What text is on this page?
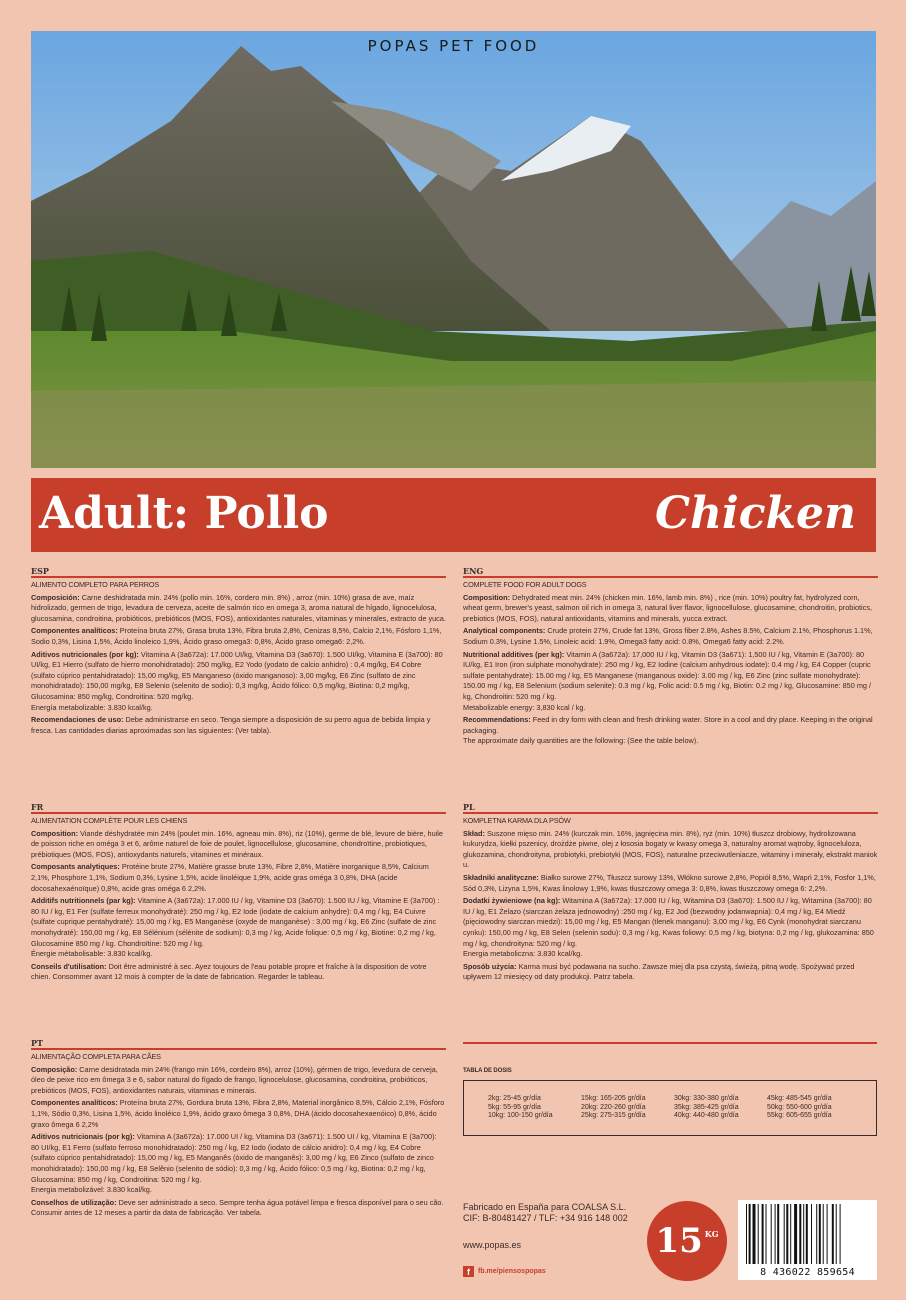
POPAS PET FOOD
Adult: Pollo	Chicken
ESP
ALIMENTO COMPLETO PARA PERROS

Composición: Carne deshidratada min. 24% (pollo min. 16%, cordero min. 8%) , arroz (min. 10%) grasa de ave, maíz hidrolizado, germen de trigo, levadura de cerveza, aceite de salmón rico en omega 3, aroma natural de hígado, lignocelulosa, glucosamina, condroitina, probióticos, prebióticos (MOS, FOS), antioxidantes naturales, vitaminas y minerales, extracto de yuca.

Componentes analíticos: Proteína bruta 27%, Grasa bruta 13%, Fibra bruta 2,8%, Cenizas 8,5%, Calcio 2,1%, Fósforo 1,1%, Sodio 0,3%, Lisina 1,5%, Ácido linoleico 1,9%, Ácido graso omega3: 0,8%, Ácido graso omega6: 2,2%.

Aditivos nutricionales (por kg): Vitamina A (3a672a): 17.000 UI/kg, Vitamina D3 (3a670): 1.500 UI/kg, Vitamina E (3a700): 80 UI/kg, E1 Hierro (sulfato de hierro monohidratado): 250 mg/kg, E2 Yodo (yodato de calcio anhidro) : 0,4 mg/kg, E4 Cobre (sulfato cúprico pentahidratado): 15,00 mg/kg, E5 Manganeso (óxido manganoso): 3,00 mg/kg, E6 Zinc (sulfato de zinc monohidratado): 150,00 mg/kg, E8 Selenio (selenito de sodio): 0,3 mg/kg, Ácido fólico: 0,5 mg/kg, Biotina: 0,2 mg/kg, Glucosamina: 850 mg/kg, Condroitina: 520 mg/kg.
Energía metabolizable: 3.830 kcal/kg.

Recomendaciones de uso: Debe administrarse en seco. Tenga siempre a disposición de su perro agua de bebida limpia y fresca. Las cantidades diarias aproximadas son las siguientes: (Ver tabla).

ENG
COMPLETE FOOD FOR ADULT DOGS

Composition: Dehydrated meat min. 24% (chicken min. 16%, lamb min. 8%) , rice (min. 10%) poultry fat, hydrolyzed corn, wheat germ, brewer's yeast, salmon oil rich in omega 3, natural liver flavor, lignocellulose, glucosamine, chondroitin, probiotics, prebiotics (MOS, FOS), natural antioxidants, vitamins and minerals, yucca extract.

Analytical components: Crude protein 27%, Crude fat 13%, Gross fiber 2.8%, Ashes 8.5%, Calcium 2.1%, Phosphorus 1.1%, Sodium 0.3%, Lysine 1.5%, Linoleic acid: 1.9%, Omega3 fatty acid: 0.8%, Omega6 fatty acid: 2.2%.

Nutritional additives (per kg): Vitamin A (3a672a): 17,000 IU / kg, Vitamin D3 (3a671): 1,500 IU / kg, Vitamin E (3a700): 80 IU/kg, E1 Iron (iron sulphate monohydrate): 250 mg / kg, E2 Iodine (calcium anhydrous iodate): 0.4 mg / kg, E4 Copper (cupric sulfate pentahydrate): 15.00 mg / kg, E5 Manganese (manganous oxide): 3.00 mg / kg, E6 Zinc (zinc sulfate monohydrate): 150.00 mg / kg, E8 Selenium (sodium selenite): 0.3 mg / kg, Folic acid: 0.5 mg / kg, Biotin: 0.2 mg / kg, Glucosamine: 850 mg / kg, Chondroitin: 520 mg / kg.
Metabolizable energy: 3,830 kcal / kg.

Recommendations: Feed in dry form with clean and fresh drinking water. Store in a cool and dry place. Keeping in the original packaging.
The approximate daily quantities are the following: (See the table below).

FR
ALIMENTATION COMPLÈTE POUR LES CHIENS

Composition: Viande déshydratée min 24% (poulet min. 16%, agneau min. 8%), riz (10%), germe de blé, levure de bière, huile de poisson riche en oméga 3 et 6, arôme naturel de foie de poulet, lignocellulose, glucosamine, chondroïtine, probiotiques, prébiotiques (MOS, FOS), antioxydants naturels, vitamines et minéraux.

Composants analytiques: Protéine brute 27%, Matière grasse brute 13%, Fibre 2,8%, Matière inorganique 8,5%, Calcium 2,1%, Phosphore 1,1%, Sodium 0,3%, Lysine 1,5%, acide linoléique 1,9%, acide gras oméga 3 0,8%, DHA (acide docosahexaénoïque) 0,8%, acide gras oméga 6 2,2%.

Additifs nutritionnels (par kg): Vitamine A (3a672a): 17.000 IU / kg, Vitamine D3 (3a670): 1.500 IU / kg, Vitamine E (3a700) : 80 IU / kg, E1 Fer (sulfate ferreux monohydraté): 250 mg / kg, E2 Iode (iodate de calcium anhydre): 0,4 mg / kg, E4 Cuivre (sulfate cuprique pentahydraté): 15,00 mg / kg, E5 Manganèse (oxyde de manganèse) : 3,00 mg / kg, E6 Zinc (sulfate de zinc monohydraté): 150,00 mg / kg, E8 Sélénium (sélénite de sodium): 0,3 mg / kg, Acide folique: 0,5 mg / kg, Biotine: 0,2 mg / kg, Glucosamine 850 mg / kg. Chondroïtine: 520 mg / kg.
Énergie métabolisable: 3.830 kcal/kg.

Conseils d'utilisation: Doit être administré à sec. Ayez toujours de l'eau potable propre et fraîche à la disposition de votre chien. Consommer avant 12 mois à compter de la date de fabrication. Regarder le tableau.

PL
KOMPLETNA KARMA DLA PSÓW

Skład: Suszone mięso min. 24% (kurczak min. 16%, jagnięcina min. 8%), ryż (min. 10%) tłuszcz drobiowy, hydrolizowana kukurydza, kiełki pszenicy, drożdże piwne, olej z łososia bogaty w kwasy omega 3, naturalny aromat wątroby, lignoceluloza, glukozamina, chondroityna, probiotyki, prebiotyki (MOS, FOS), naturalne przeciwutleniacze, witaminy i minerały, ekstrakt maniok u.

Składniki analityczne: Białko surowe 27%, Tłuszcz surowy 13%, Włókno surowe 2,8%, Popiół 8,5%, Wapń 2,1%, Fosfor 1,1%, Sód 0,3%, Lizyna 1,5%, Kwas linolowy 1,9%, kwas tłuszczowy omega 3: 0,8%, kwas tłuszczowy omega 6: 2,2%.

Dodatki żywieniowe (na kg): Witamina A (3a672a): 17.000 IU / kg, Witamina D3 (3a670): 1.500 IU / kg, Witamina (3a700): 80 IU / kg, E1 Żelazo (siarczan żelaza jednowodny) :250 mg / kg, E2 Jod (bezwodny jodanwapnia): 0,4 mg / kg, E4 Miedź (pięciowodny siarczan miedzi): 15,00 mg / kg, E5 Mangan (tlenek manganu): 3,00 mg / kg, E6 Cynk (monohydrat siarczanu cynku): 150,00 mg / kg, E8 Selen (selenin sodu): 0,3 mg / kg, Kwas foliowy: 0,5 mg / kg, biotyna: 0,2 mg / kg, glukozamina: 850 mg / kg, chondroityna: 520 mg / kg.
Energia metaboliczna: 3.830 kcal/kg.

Sposób użycia: Karma musi być podawana na sucho. Zawsze miej dla psa czystą, świeżą, pitną wodę. Spożywać przed upływem 12 miesięcy od daty produkcji. Patrz tabela.

PT
ALIMENTAÇÃO COMPLETA PARA CÃES

Composição: Carne desidratada min 24% (frango min 16%, cordeiro 8%), arroz (10%), gérmen de trigo, levedura de cerveja, óleo de peixe rico em ômega 3 e 6, sabor natural do fígado de frango, lignocelulose, glucosamina, condroitina, probióticos, prebióticos (MOS, FOS), antioxidantes naturais, vitaminas e minerais.

Componentes analíticos: Proteína bruta 27%, Gordura bruta 13%, Fibra 2,8%, Material inorgânico 8,5%, Cálcio 2,1%, Fósforo 1,1%, Sódio 0,3%, Lisina 1,5%, ácido linoléico 1,9%, ácido graxo ômega 3 0,8%, DHA (ácido docosahexaenóico) 0,8%, ácido graxo ômega 6 2,2%

Aditivos nutricionais (por kg): Vitamina A (3a672a): 17.000 UI / kg, Vitamina D3 (3a671): 1.500 UI / kg, Vitamina E (3a700): 80 UI/kg, E1 Ferro (sulfato ferroso monohidratado): 250 mg / kg, E2 Iodo (iodato de cálcio anidro): 0,4 mg / kg, E4 Cobre (sulfato cúprico pentahidratado): 15,00 mg / kg, E5 Manganês (óxido de manganês): 3,00 mg / kg, E6 Zinco (sulfato de zinco monohidratado): 150,00 mg / kg, E8 Selênio (selenito de sódio): 0,3 mg / kg, Ácido fólico: 0,5 mg / kg, Biotina: 0,2 mg / kg, Glucosamina: 850 mg / kg, Condroitina: 520 mg / kg.
Energia metabolizável: 3.830 kcal/kg.

Conselhos de utilização: Deve ser administrado a seco. Sempre tenha água potável limpa e fresca disponível para o seu cão. Consumir antes de 12 meses a partir da data de fabricação. Ver tabela.

TABLA DE DOSIS
2kg: 25-45 gr/día
5kg: 55-95 gr/día
10kg: 100-150 gr/día
15kg: 165-205 gr/día
20kg: 220-260 gr/día
25kg: 275-315 gr/día
30kg: 330-380 gr/día
35kg: 385-425 gr/día
40kg: 440-480 gr/día
45kg: 485-545 gr/día
50kg: 550-600 gr/día
55kg: 605-655 gr/día
Fabricado en España para COALSA S.L.
CIF: B-80481427 / TLF: +34 916 148 002
www.popas.es
f	fb.me/piensospopas
15 KG
8 436022 859654
